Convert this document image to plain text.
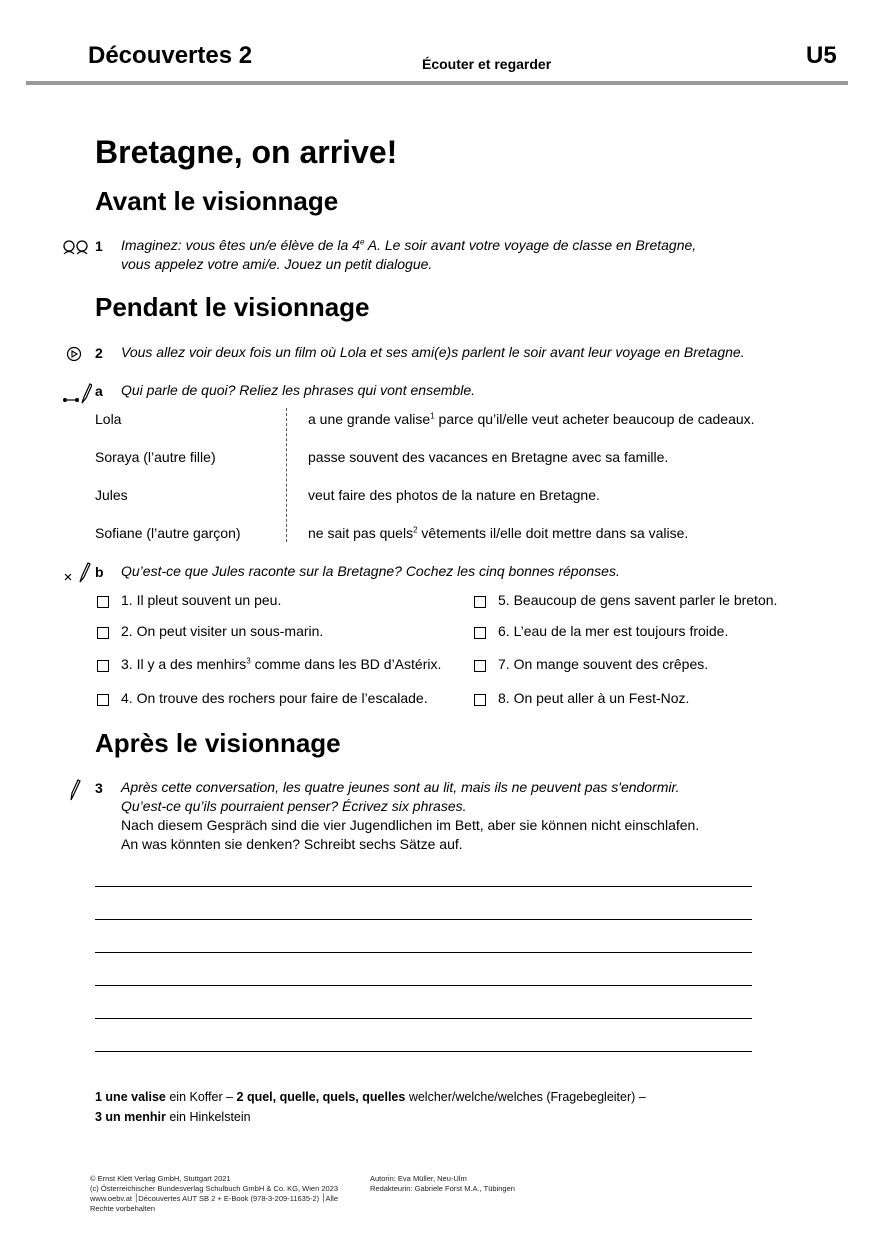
Découvertes 2	Écouter et regarder	U5
Bretagne, on arrive!
Avant le visionnage
1 Imaginez: vous êtes un/e élève de la 4e A. Le soir avant votre voyage de classe en Bretagne,
vous appelez votre ami/e. Jouez un petit dialogue.
Pendant le visionnage
2 Vous allez voir deux fois un film où Lola et ses ami(e)s parlent le soir avant leur voyage en Bretagne.
a Qui parle de quoi? Reliez les phrases qui vont ensemble.
Lola
Soraya (l’autre fille)
Jules
Sofiane (l’autre garçon)
a une grande valise$^1$ parce qu’il/elle veut acheter beaucoup de cadeaux.
passe souvent des vacances en Bretagne avec sa famille.
veut faire des photos de la nature en Bretagne.
ne sait pas quels$^2$ vêtements il/elle doit mettre dans sa valise.
b Qu’est-ce que Jules raconte sur la Bretagne? Cochez les cinq bonnes réponses.
1. Il pleut souvent un peu.
2. On peut visiter un sous-marin.
3. Il y a des menhirs$^3$ comme dans les BD d’Astérix.
4. On trouve des rochers pour faire de l’escalade.
5. Beaucoup de gens savent parler le breton.
6. L’eau de la mer est toujours froide.
7. On mange souvent des crêpes.
8. On peut aller à un Fest-Noz.
Après le visionnage
3 Après cette conversation, les quatre jeunes sont au lit, mais ils ne peuvent pas s'endormir.
Qu’est-ce qu’ils pourraient penser? Écrivez six phrases.
Nach diesem Gespräch sind die vier Jugendlichen im Bett, aber sie können nicht einschlafen.
An was könnten sie denken? Schreibt sechs Sätze auf.
1 une valise ein Koffer – 2 quel, quelle, quels, quelles welcher/welche/welches (Fragebegleiter) –
3 un menhir ein Hinkelstein
© Ernst Klett Verlag GmbH, Stuttgart 2021
(c) Österreichischer Bundesverlag Schulbuch GmbH & Co. KG, Wien 2023
www.oebv.at ׀Découvertes AUT SB 2 + E-Book (978-3-209-11635-2) ׀Alle
Rechte vorbehalten
Autorin: Eva Müller, Neu-Ulm
Redakteurin: Gabriele Forst M.A., Tübingen
